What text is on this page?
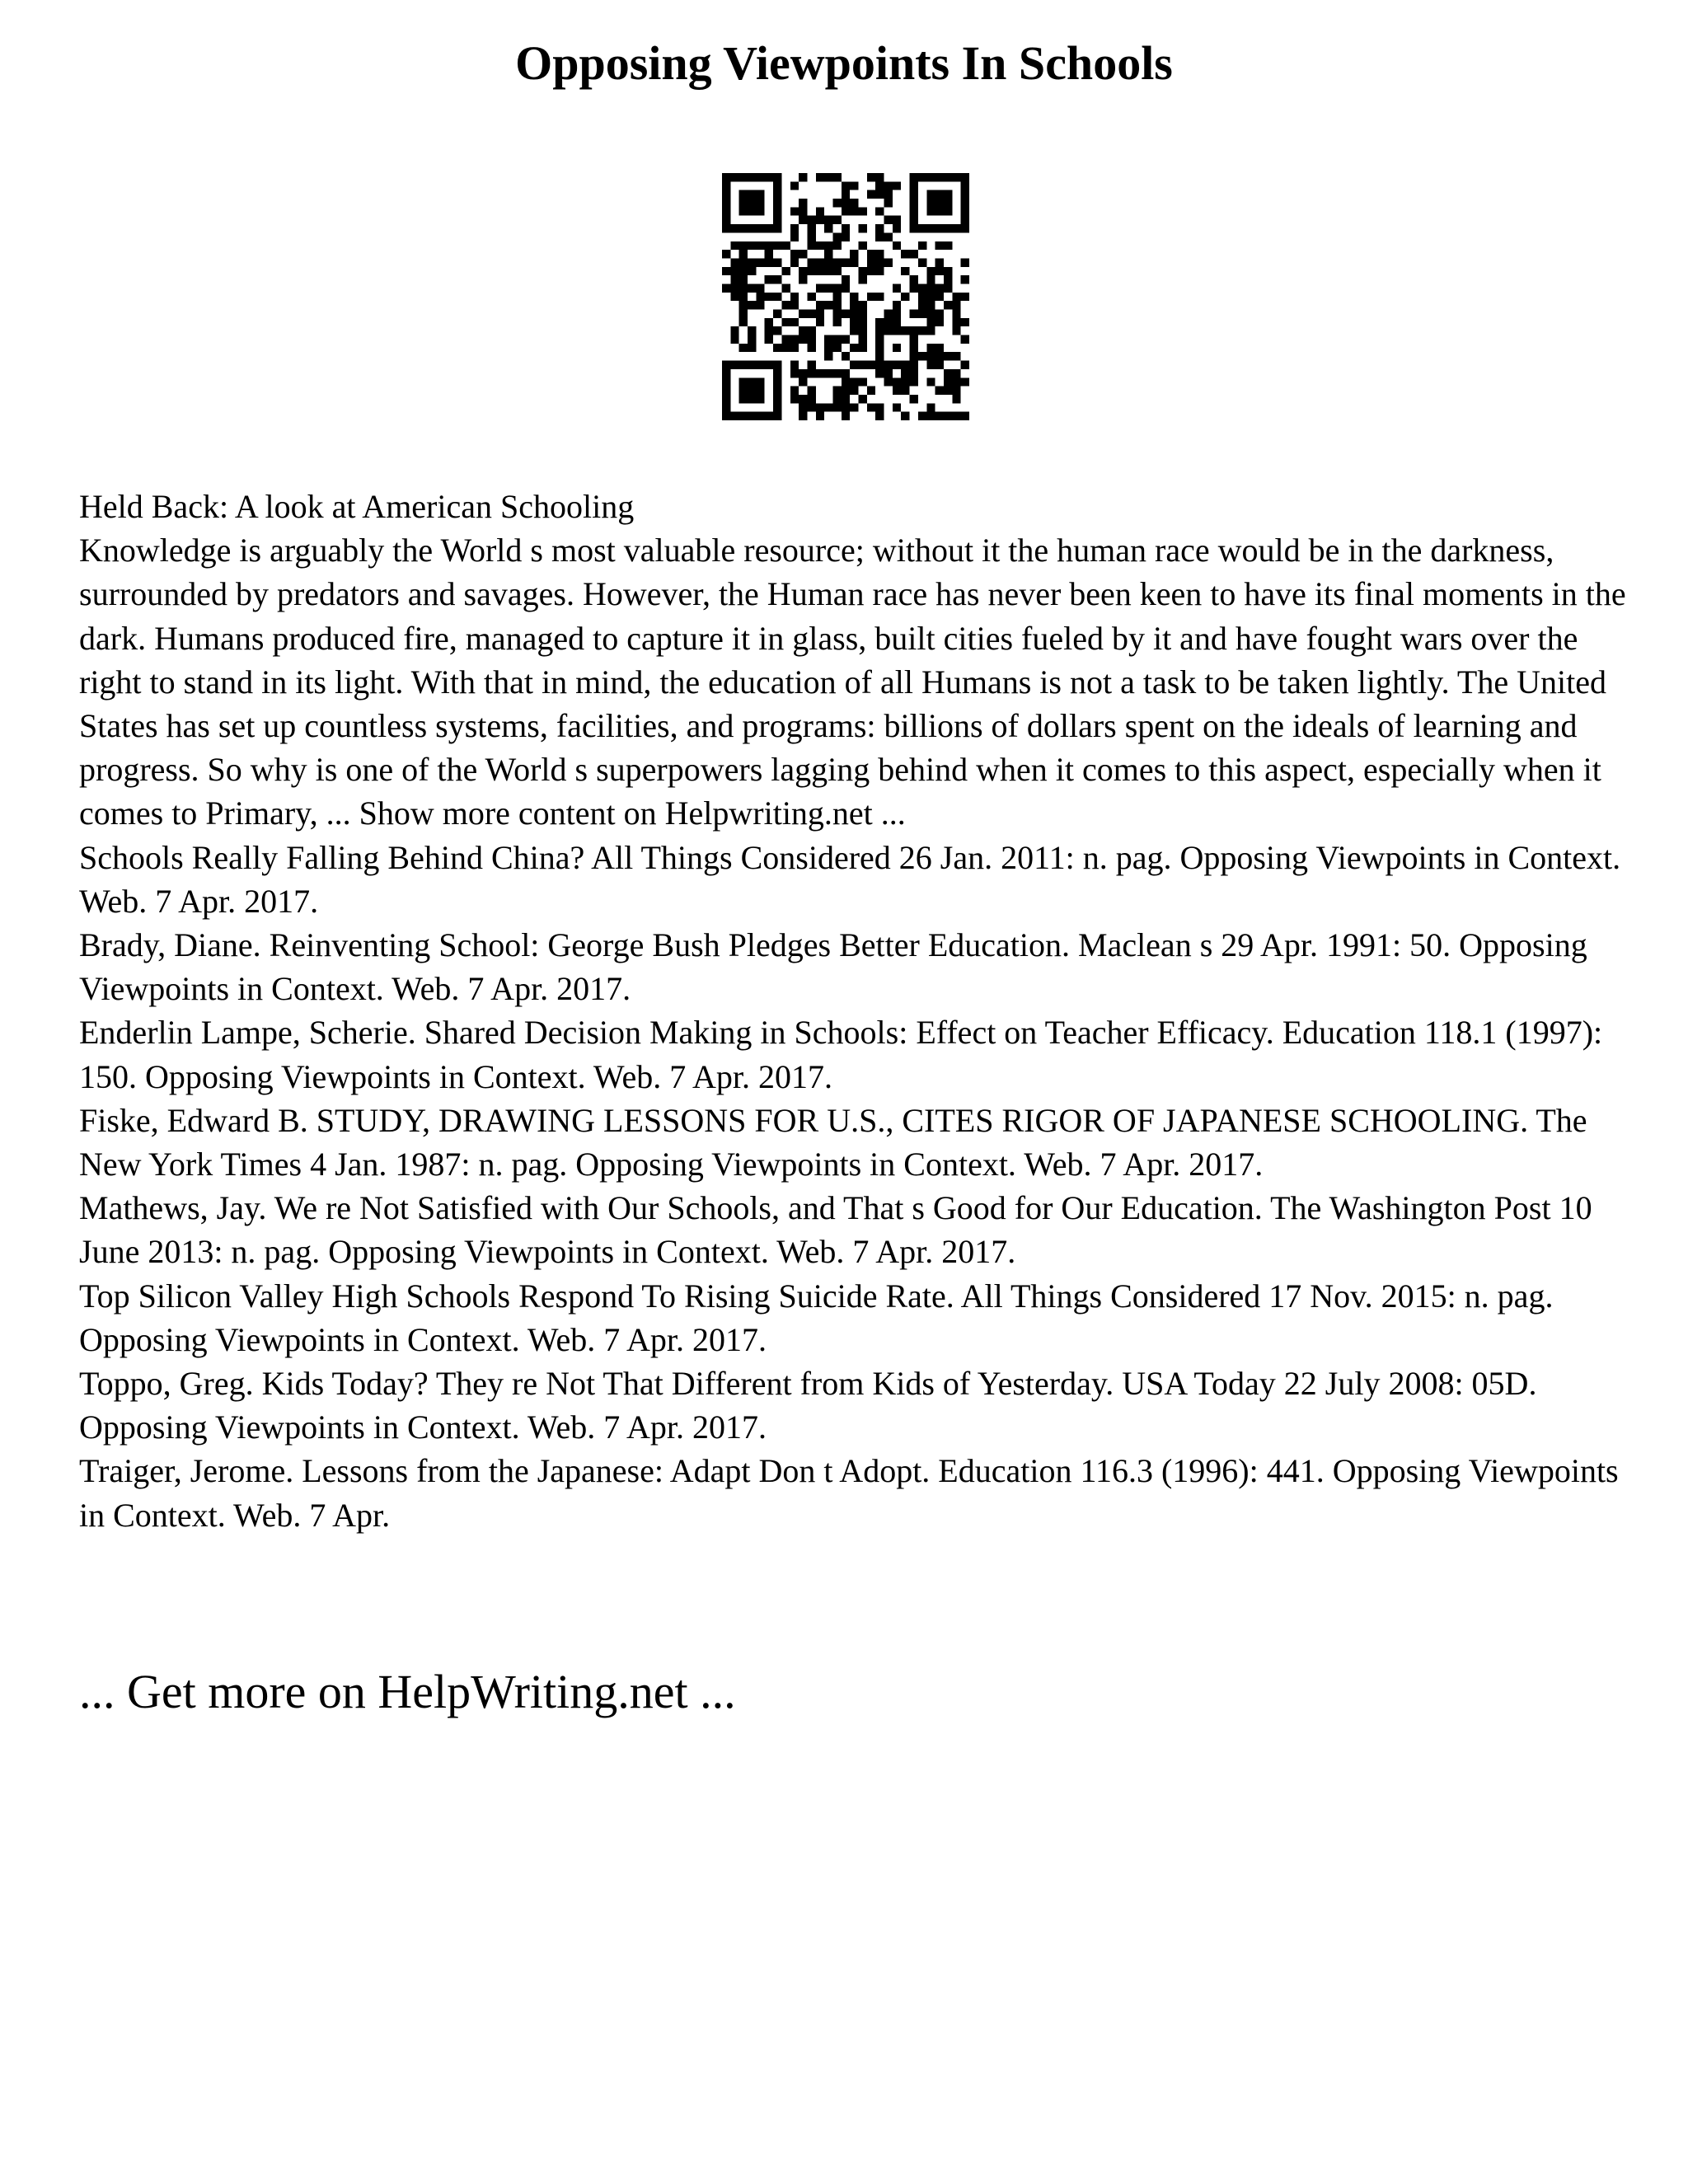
Opposing Viewpoints In Schools

Held Back: A look at American Schooling

Knowledge is arguably the World s most valuable resource; without it the human race would be in the darkness, surrounded by predators and savages. However, the Human race has never been keen to have its final moments in the dark. Humans produced fire, managed to capture it in glass, built cities fueled by it and have fought wars over the right to stand in its light. With that in mind, the education of all Humans is not a task to be taken lightly. The United States has set up countless systems, facilities, and programs: billions of dollars spent on the ideals of learning and progress. So why is one of the World s superpowers lagging behind when it comes to this aspect, especially when it comes to Primary, ... Show more content on Helpwriting.net ...

Schools Really Falling Behind China? All Things Considered 26 Jan. 2011: n. pag. Opposing Viewpoints in Context. Web. 7 Apr. 2017.

Brady, Diane. Reinventing School: George Bush Pledges Better Education. Maclean s 29 Apr. 1991: 50. Opposing Viewpoints in Context. Web. 7 Apr. 2017.

Enderlin Lampe, Scherie. Shared Decision Making in Schools: Effect on Teacher Efficacy. Education 118.1 (1997): 150. Opposing Viewpoints in Context. Web. 7 Apr. 2017.

Fiske, Edward B. STUDY, DRAWING LESSONS FOR U.S., CITES RIGOR OF JAPANESE SCHOOLING. The New York Times 4 Jan. 1987: n. pag. Opposing Viewpoints in Context. Web. 7 Apr. 2017.

Mathews, Jay. We re Not Satisfied with Our Schools, and That s Good for Our Education. The Washington Post 10 June 2013: n. pag. Opposing Viewpoints in Context. Web. 7 Apr. 2017.

Top Silicon Valley High Schools Respond To Rising Suicide Rate. All Things Considered 17 Nov. 2015: n. pag. Opposing Viewpoints in Context. Web. 7 Apr. 2017.

Toppo, Greg. Kids Today? They re Not That Different from Kids of Yesterday. USA Today 22 July 2008: 05D. Opposing Viewpoints in Context. Web. 7 Apr. 2017.

Traiger, Jerome. Lessons from the Japanese: Adapt Don t Adopt. Education 116.3 (1996): 441. Opposing Viewpoints in Context. Web. 7 Apr.

... Get more on HelpWriting.net ...
